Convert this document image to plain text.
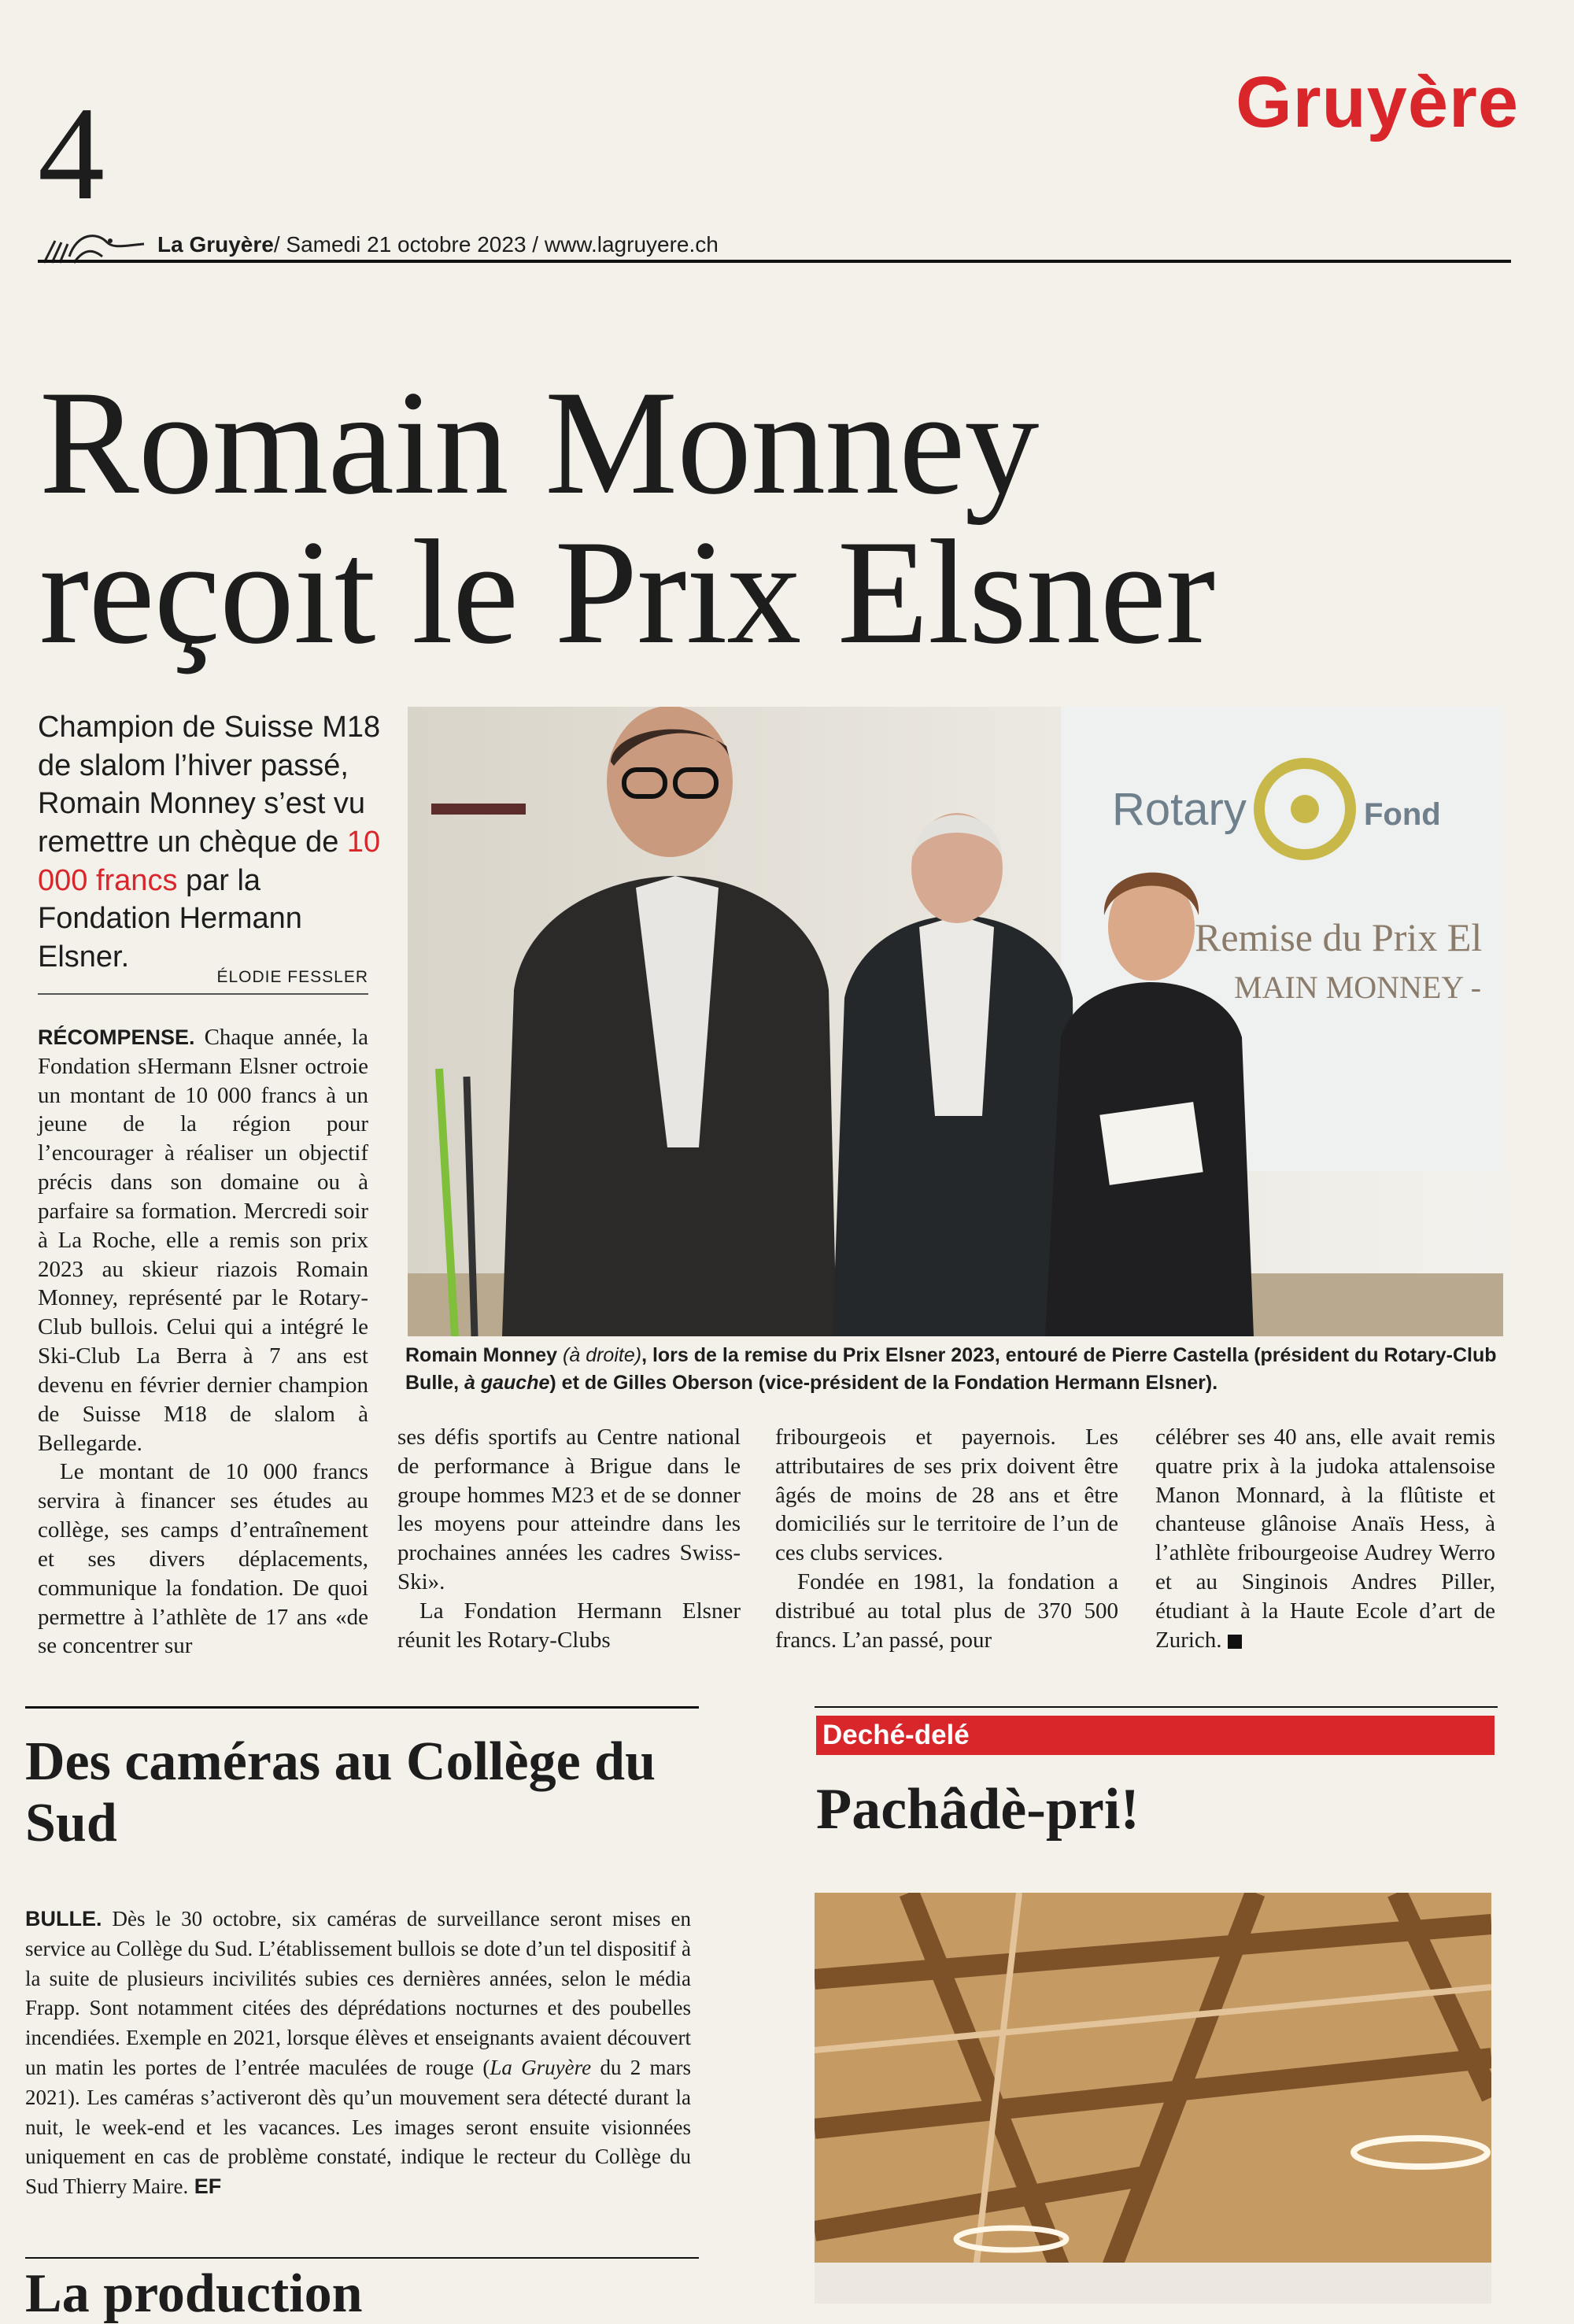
4	Gruyère
La Gruyère / Samedi 21 octobre 2023 / www.lagruyere.ch
Romain Monney
reçoit le Prix Elsner
Champion de Suisse M18 de slalom l’hiver passé, Romain Monney s’est vu remettre un chèque de 10 000 francs par la Fondation Hermann Elsner.
ÉLODIE FESSLER

RÉCOMPENSE. Chaque année, la Fondation sHermann Elsner octroie un montant de 10 000 francs à un jeune de la région pour l’encourager à réaliser un objectif précis dans son domaine ou à parfaire sa formation. Mercredi soir à La Roche, elle a remis son prix 2023 au skieur riazois Romain Monney, représenté par le Rotary-Club bullois. Celui qui a intégré le Ski-Club La Berra à 7 ans est devenu en février dernier champion de Suisse M18 de slalom à Bellegarde.

Le montant de 10 000 francs servira à financer ses études au collège, ses camps d’entraînement et ses divers déplacements, communique la fondation. De quoi permettre à l’athlète de 17 ans «de se concentrer sur

ses défis sportifs au Centre national de performance à Brigue dans le groupe hommes M23 et de se donner les moyens pour atteindre dans les prochaines années les cadres Swiss-Ski».

La Fondation Hermann Elsner réunit les Rotary-Clubs

fribourgeois et payernois. Les attributaires de ses prix doivent être âgés de moins de 28 ans et être domiciliés sur le territoire de l’un de ces clubs services.

Fondée en 1981, la fondation a distribué au total plus de 370 500 francs. L’an passé, pour

célébrer ses 40 ans, elle avait remis quatre prix à la judoka attalensoise Manon Monnard, à la flûtiste et chanteuse glânoise Anaïs Hess, à l’athlète fribourgeoise Audrey Werro et au Singinois Andres Piller, étudiant à la Haute Ecole d’art de Zurich.

Rotary	Fond
Remise du Prix El
MAIN MONNEY -
Romain Monney (à droite), lors de la remise du Prix Elsner 2023, entouré de Pierre Castella (président du Rotary-Club Bulle, à gauche) et de Gilles Oberson (vice-président de la Fondation Hermann Elsner).
Des caméras au Collège du Sud
BULLE. Dès le 30 octobre, six caméras de surveillance seront mises en service au Collège du Sud. L’établissement bullois se dote d’un tel dispositif à la suite de plusieurs incivilités subies ces dernières années, selon le média Frapp. Sont notamment citées des déprédations nocturnes et des poubelles incendiées. Exemple en 2021, lorsque élèves et enseignants avaient découvert un matin les portes de l’entrée maculées de rouge (La Gruyère du 2 mars 2021). Les caméras s’activeront dès qu’un mouvement sera détecté durant la nuit, le week-end et les vacances. Les images seront ensuite visionnées uniquement en cas de problème constaté, indique le recteur du Collège du Sud Thierry Maire. EF
La production
Deché-delé
Pachâdè-pri!
